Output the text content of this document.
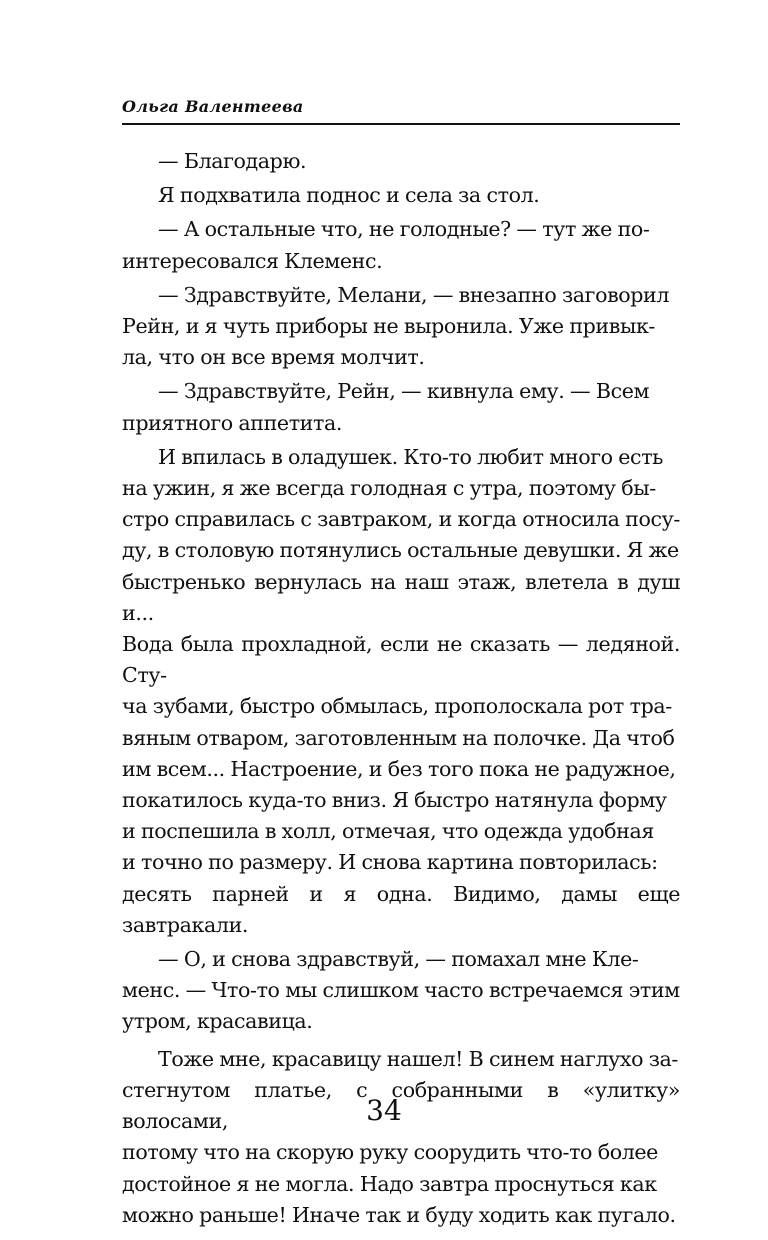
Ольга Валентеева

— Благодарю.

Я подхватила поднос и села за стол.

— А остальные что, не голодные? — тут же по-
интересовался Клеменс.

— Здравствуйте, Мелани, — внезапно заговорил
Рейн, и я чуть приборы не выронила. Уже привык-
ла, что он все время молчит.

— Здравствуйте, Рейн, — кивнула ему. — Всем
приятного аппетита.

И впилась в оладушек. Кто-то любит много есть
на ужин, я же всегда голодная с утра, поэтому бы-
стро справилась с завтраком, и когда относила посу-
ду, в столовую потянулись остальные девушки. Я же
быстренько вернулась на наш этаж, влетела в душ и...
Вода была прохладной, если не сказать — ледяной. Сту-
ча зубами, быстро обмылась, прополоскала рот тра-
вяным отваром, заготовленным на полочке. Да чтоб
им всем... Настроение, и без того пока не радужное,
покатилось куда-то вниз. Я быстро натянула форму
и поспешила в холл, отмечая, что одежда удобная
и точно по размеру. И снова картина повторилась:
десять парней и я одна. Видимо, дамы еще завтракали.

— О, и снова здравствуй, — помахал мне Кле-
менс. — Что-то мы слишком часто встречаемся этим
утром, красавица.

Тоже мне, красавицу нашел! В синем наглухо за-
стегнутом платье, с собранными в «улитку» волосами,
потому что на скорую руку соорудить что-то более
достойное я не могла. Надо завтра проснуться как
можно раньше! Иначе так и буду ходить как пугало.

34
